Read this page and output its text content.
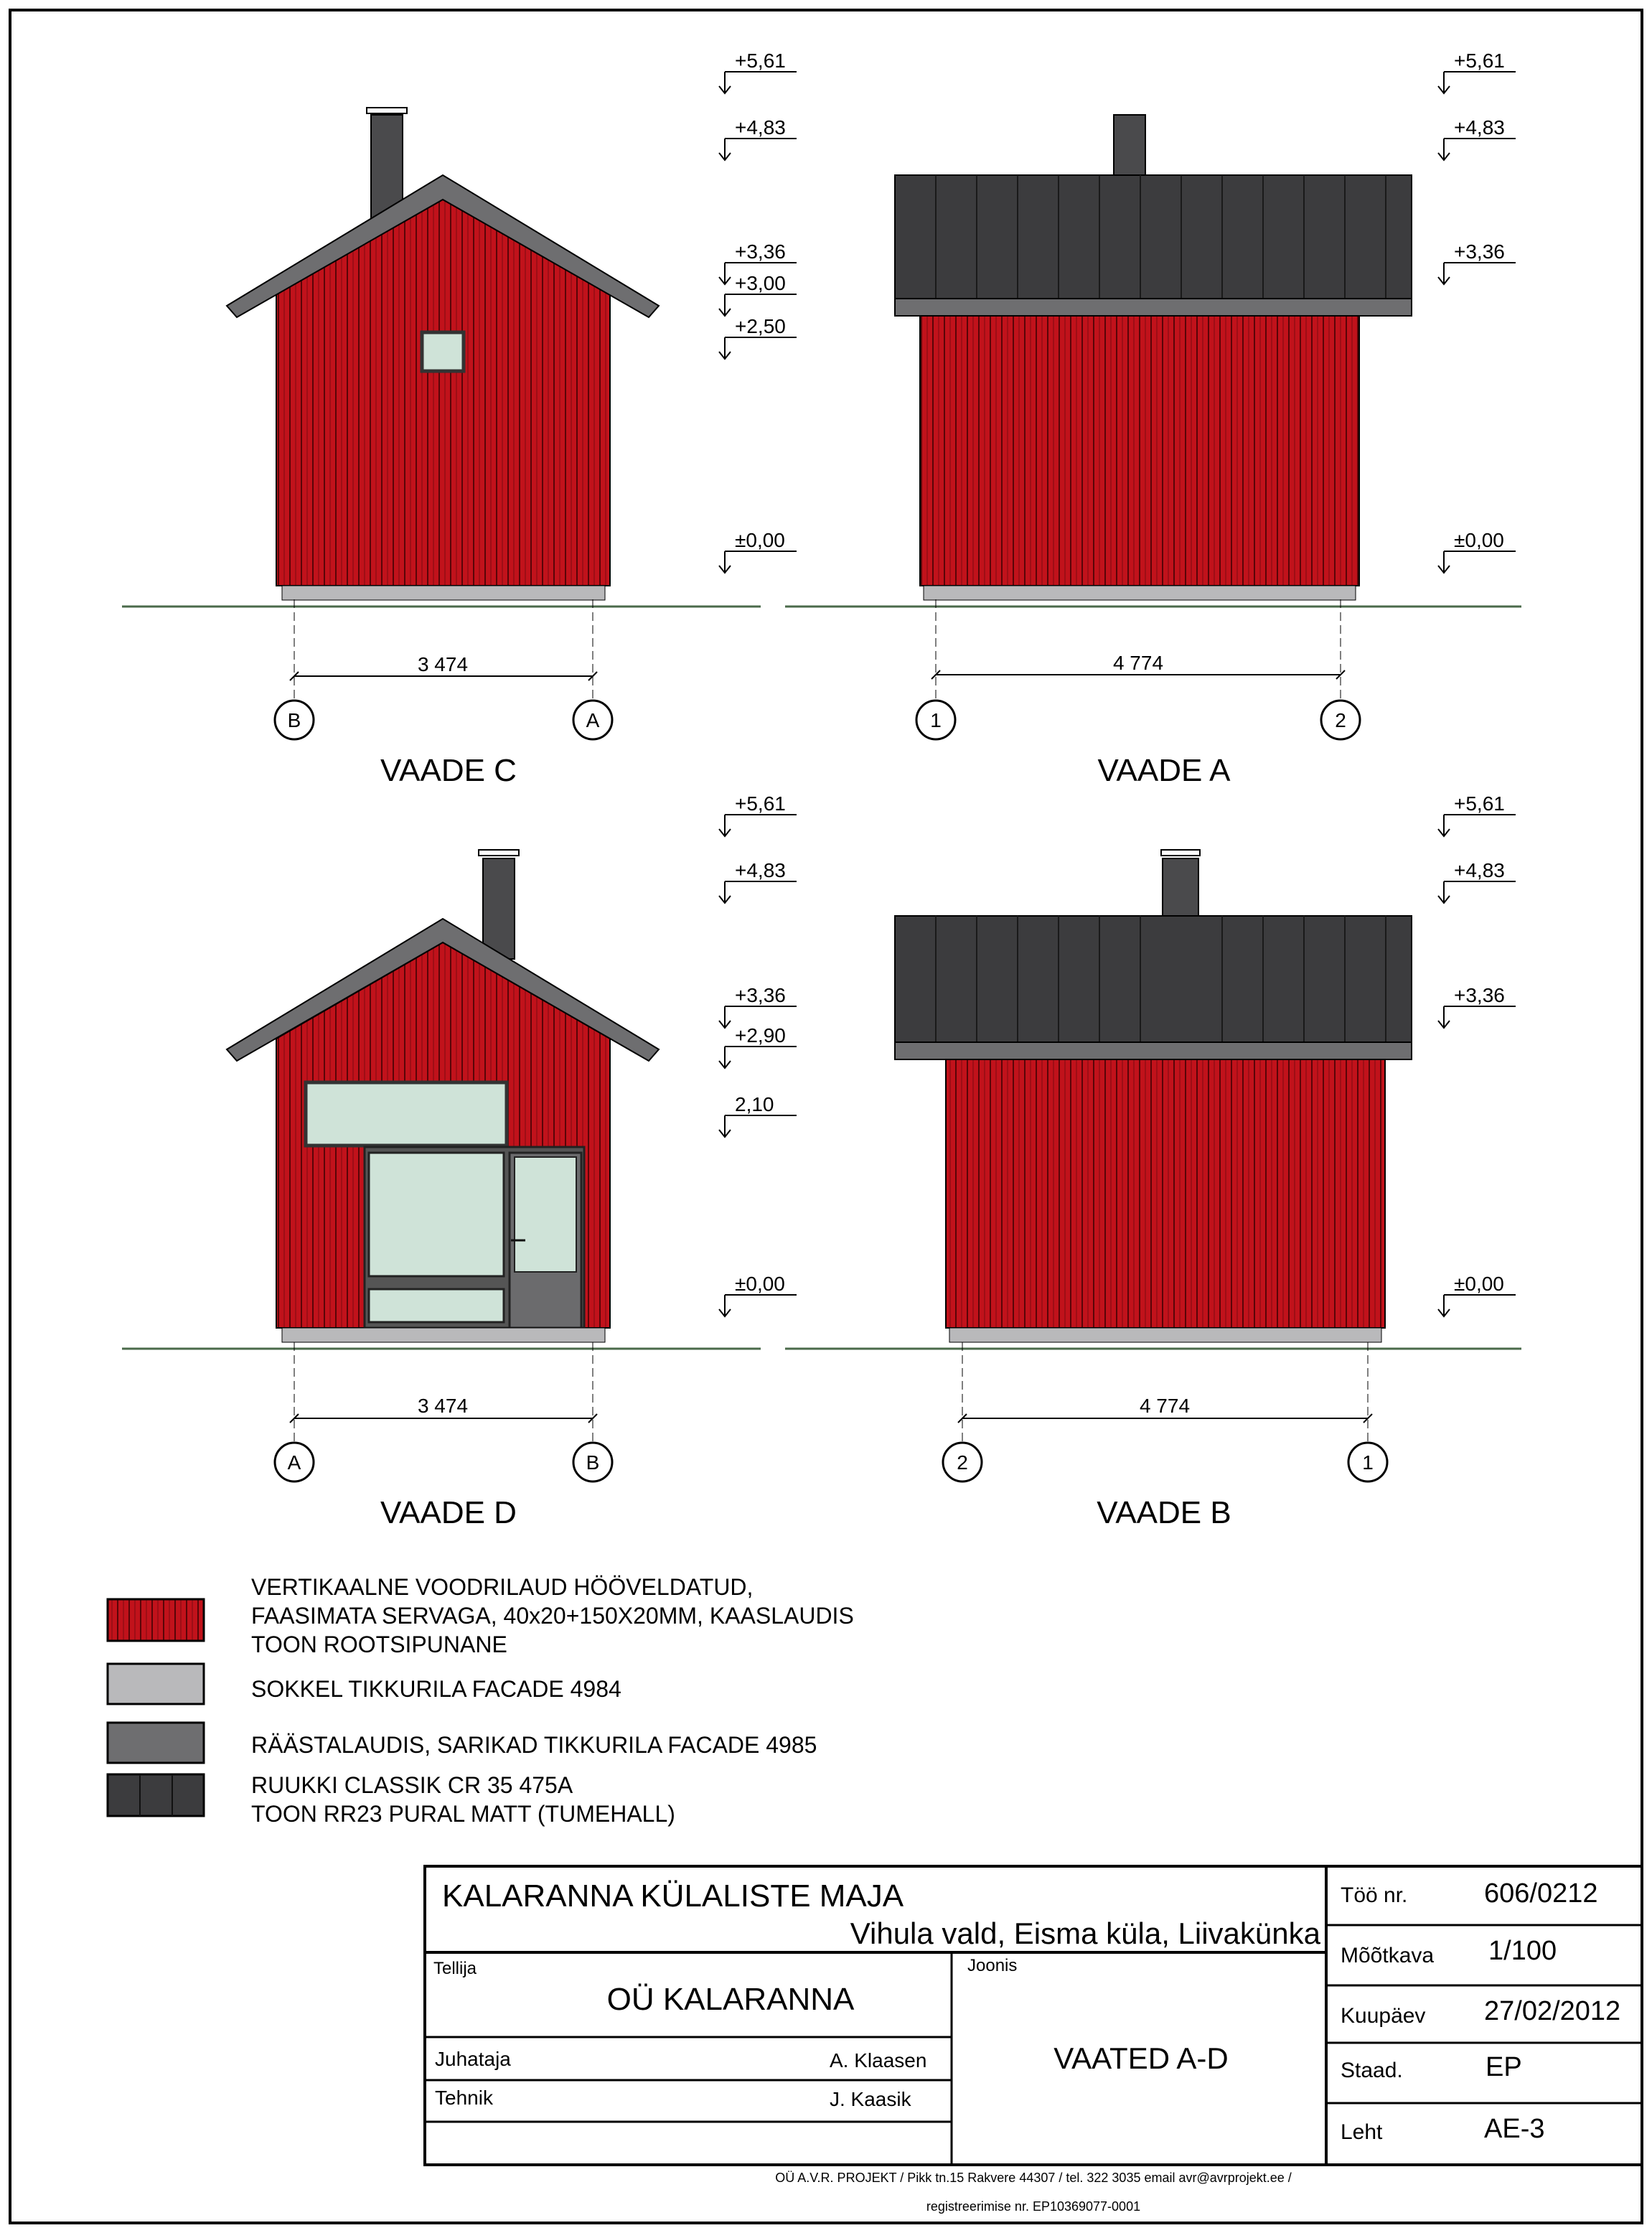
+5,61
+4,83
+3,36
+3,00
+2,50
±0,00
+5,61
+4,83
+3,36
±0,00
+5,61
+4,83
+3,36
+2,90
2,10
±0,00
+5,61
+4,83
+3,36
±0,00
3 474
B	A
VAADE C
4 774
1	2
VAADE A
3 474
A	B
VAADE D
4 774
2	1
VAADE B
VERTIKAALNE VOODRILAUD HÖÖVELDATUD,
FAASIMATA SERVAGA, 40x20+150X20MM, KAASLAUDIS
TOON ROOTSIPUNANE
SOKKEL TIKKURILA FACADE 4984
RÄÄSTALAUDIS, SARIKAD TIKKURILA FACADE 4985
RUUKKI CLASSIK CR 35 475A
TOON RR23 PURAL MATT (TUMEHALL)
KALARANNA KÜLALISTE MAJA
Vihula vald, Eisma küla, Liivakünka
Tellija
OÜ KALARANNA
Joonis
VAATED A-D
Juhataja	A. Klaasen
Tehnik	J. Kaasik
Töö nr.	606/0212
Mõõtkava 1/100
Kuupäev 27/02/2012
Staad.	EP
Leht	AE-3
OÜ A.V.R. PROJEKT / Pikk tn.15 Rakvere 44307 / tel. 322 3035 email avr@avrprojekt.ee /
registreerimise nr. EP10369077-0001
